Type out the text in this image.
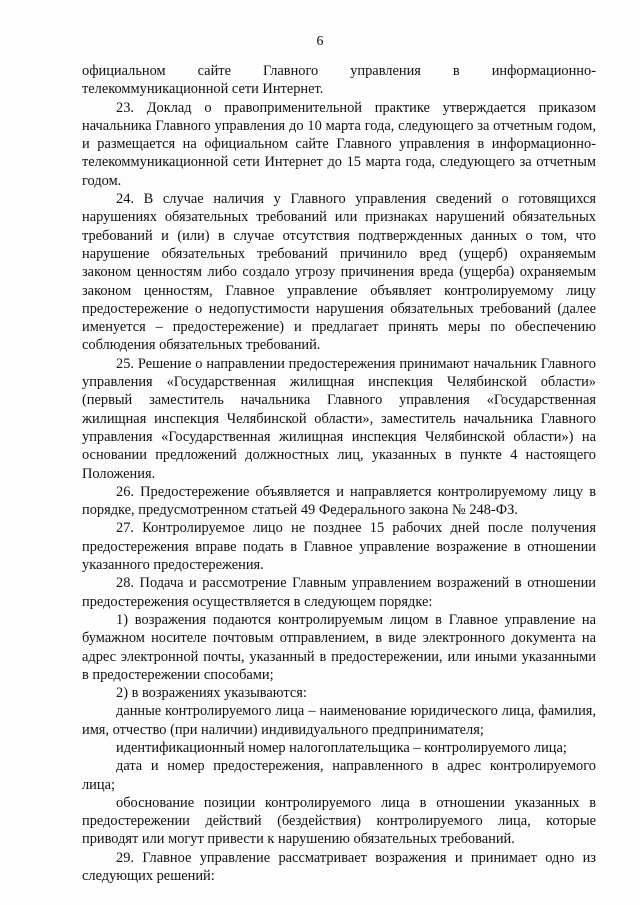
6

официальном сайте Главного управления в информационно-телекоммуникационной сети Интернет.

23. Доклад о правоприменительной практике утверждается приказом начальника Главного управления до 10 марта года, следующего за отчетным годом, и размещается на официальном сайте Главного управления в информационно-телекоммуникационной сети Интернет до 15 марта года, следующего за отчетным годом.

24. В случае наличия у Главного управления сведений о готовящихся нарушениях обязательных требований или признаках нарушений обязательных требований и (или) в случае отсутствия подтвержденных данных о том, что нарушение обязательных требований причинило вред (ущерб) охраняемым законом ценностям либо создало угрозу причинения вреда (ущерба) охраняемым законом ценностям, Главное управление объявляет контролируемому лицу предостережение о недопустимости нарушения обязательных требований (далее именуется – предостережение) и предлагает принять меры по обеспечению соблюдения обязательных требований.

25. Решение о направлении предостережения принимают начальник Главного управления «Государственная жилищная инспекция Челябинской области» (первый заместитель начальника Главного управления «Государственная жилищная инспекция Челябинской области», заместитель начальника Главного управления «Государственная жилищная инспекция Челябинской области») на основании предложений должностных лиц, указанных в пункте 4 настоящего Положения.

26. Предостережение объявляется и направляется контролируемому лицу в порядке, предусмотренном статьей 49 Федерального закона № 248-ФЗ.

27. Контролируемое лицо не позднее 15 рабочих дней после получения предостережения вправе подать в Главное управление возражение в отношении указанного предостережения.

28. Подача и рассмотрение Главным управлением возражений в отношении предостережения осуществляется в следующем порядке:

1) возражения подаются контролируемым лицом в Главное управление на бумажном носителе почтовым отправлением, в виде электронного документа на адрес электронной почты, указанный в предостережении, или иными указанными в предостережении способами;

2) в возражениях указываются:

данные контролируемого лица – наименование юридического лица, фамилия, имя, отчество (при наличии) индивидуального предпринимателя;

идентификационный номер налогоплательщика – контролируемого лица;

дата и номер предостережения, направленного в адрес контролируемого лица;

обоснование позиции контролируемого лица в отношении указанных в предостережении действий (бездействия) контролируемого лица, которые приводят или могут привести к нарушению обязательных требований.

29. Главное управление рассматривает возражения и принимает одно из следующих решений:
